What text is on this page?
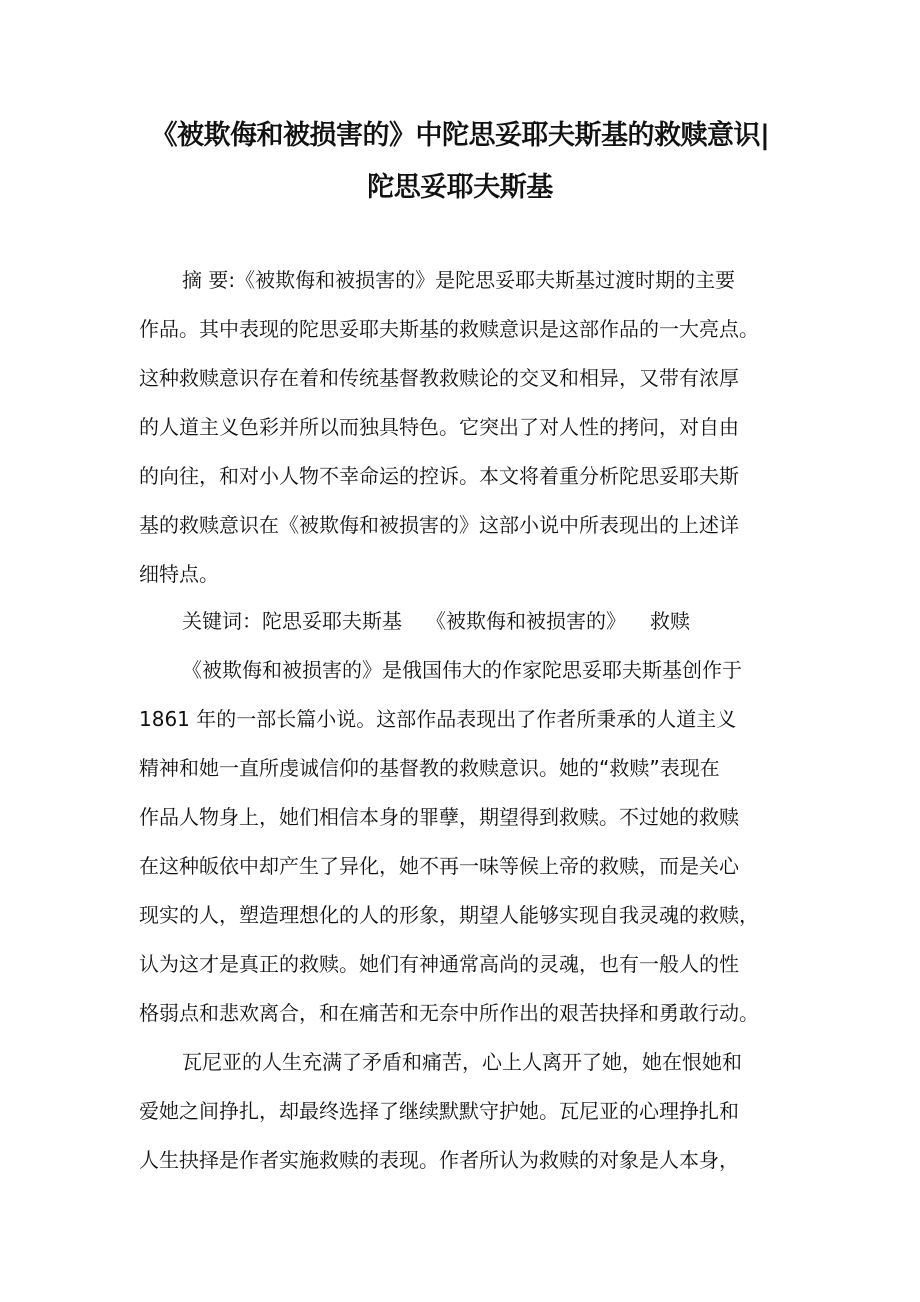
《被欺侮和被损害的》中陀思妥耶夫斯基的救赎意识|
陀思妥耶夫斯基
摘 要:《被欺侮和被损害的》是陀思妥耶夫斯基过渡时期的主要
作品。其中表现的陀思妥耶夫斯基的救赎意识是这部作品的一大亮点。
这种救赎意识存在着和传统基督教救赎论的交叉和相异，又带有浓厚
的人道主义色彩并所以而独具特色。它突出了对人性的拷问，对自由
的向往，和对小人物不幸命运的控诉。本文将着重分析陀思妥耶夫斯
基的救赎意识在《被欺侮和被损害的》这部小说中所表现出的上述详
细特点。
关键词：陀思妥耶夫斯基 《被欺侮和被损害的》 救赎
《被欺侮和被损害的》是俄国伟大的作家陀思妥耶夫斯基创作于
1861 年的一部长篇小说。这部作品表现出了作者所秉承的人道主义
精神和她一直所虔诚信仰的基督教的救赎意识。她的“救赎”表现在
作品人物身上，她们相信本身的罪孽，期望得到救赎。不过她的救赎
在这种皈依中却产生了异化，她不再一味等候上帝的救赎，而是关心
现实的人，塑造理想化的人的形象，期望人能够实现自我灵魂的救赎，
认为这才是真正的救赎。她们有神通常高尚的灵魂，也有一般人的性
格弱点和悲欢离合，和在痛苦和无奈中所作出的艰苦抉择和勇敢行动。
瓦尼亚的人生充满了矛盾和痛苦，心上人离开了她，她在恨她和
爱她之间挣扎，却最终选择了继续默默守护她。瓦尼亚的心理挣扎和
人生抉择是作者实施救赎的表现。作者所认为救赎的对象是人本身，
